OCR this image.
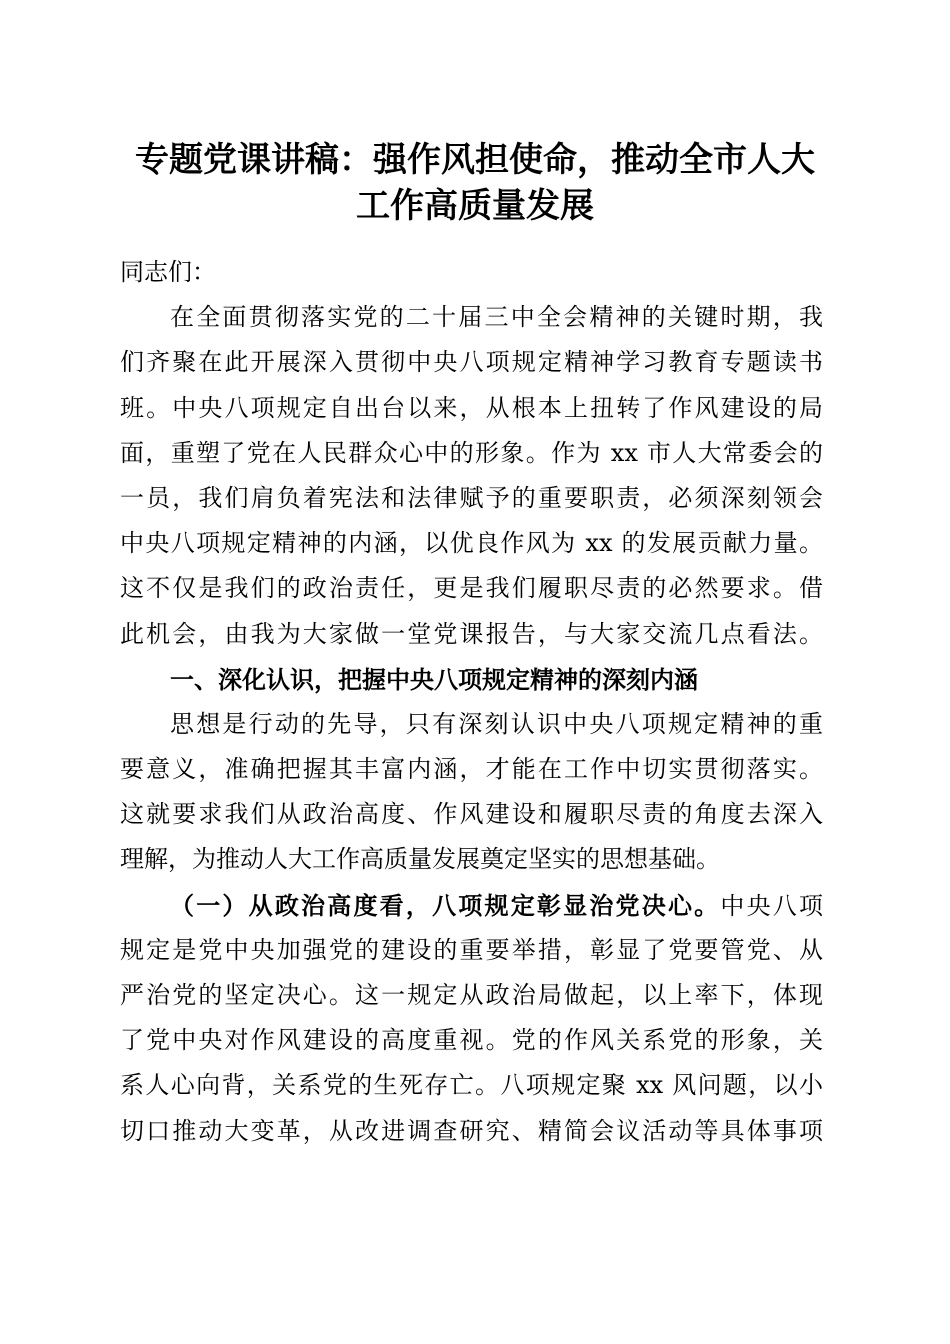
专题党课讲稿：强作风担使命，推动全市人大
工作高质量发展
同志们：
在全面贯彻落实党的二十届三中全会精神的关键时期，我
们齐聚在此开展深入贯彻中央八项规定精神学习教育专题读书
班。中央八项规定自出台以来，从根本上扭转了作风建设的局
面，重塑了党在人民群众心中的形象。作为 xx 市人大常委会的
一员，我们肩负着宪法和法律赋予的重要职责，必须深刻领会
中央八项规定精神的内涵，以优良作风为 xx 的发展贡献力量。
这不仅是我们的政治责任，更是我们履职尽责的必然要求。借
此机会，由我为大家做一堂党课报告，与大家交流几点看法。
一、深化认识，把握中央八项规定精神的深刻内涵
思想是行动的先导，只有深刻认识中央八项规定精神的重
要意义，准确把握其丰富内涵，才能在工作中切实贯彻落实。
这就要求我们从政治高度、作风建设和履职尽责的角度去深入
理解，为推动人大工作高质量发展奠定坚实的思想基础。
（一）从政治高度看，八项规定彰显治党决心。中央八项
规定是党中央加强党的建设的重要举措，彰显了党要管党、从
严治党的坚定决心。这一规定从政治局做起，以上率下，体现
了党中央对作风建设的高度重视。党的作风关系党的形象，关
系人心向背，关系党的生死存亡。八项规定聚 xx 风问题，以小
切口推动大变革，从改进调查研究、精简会议活动等具体事项
